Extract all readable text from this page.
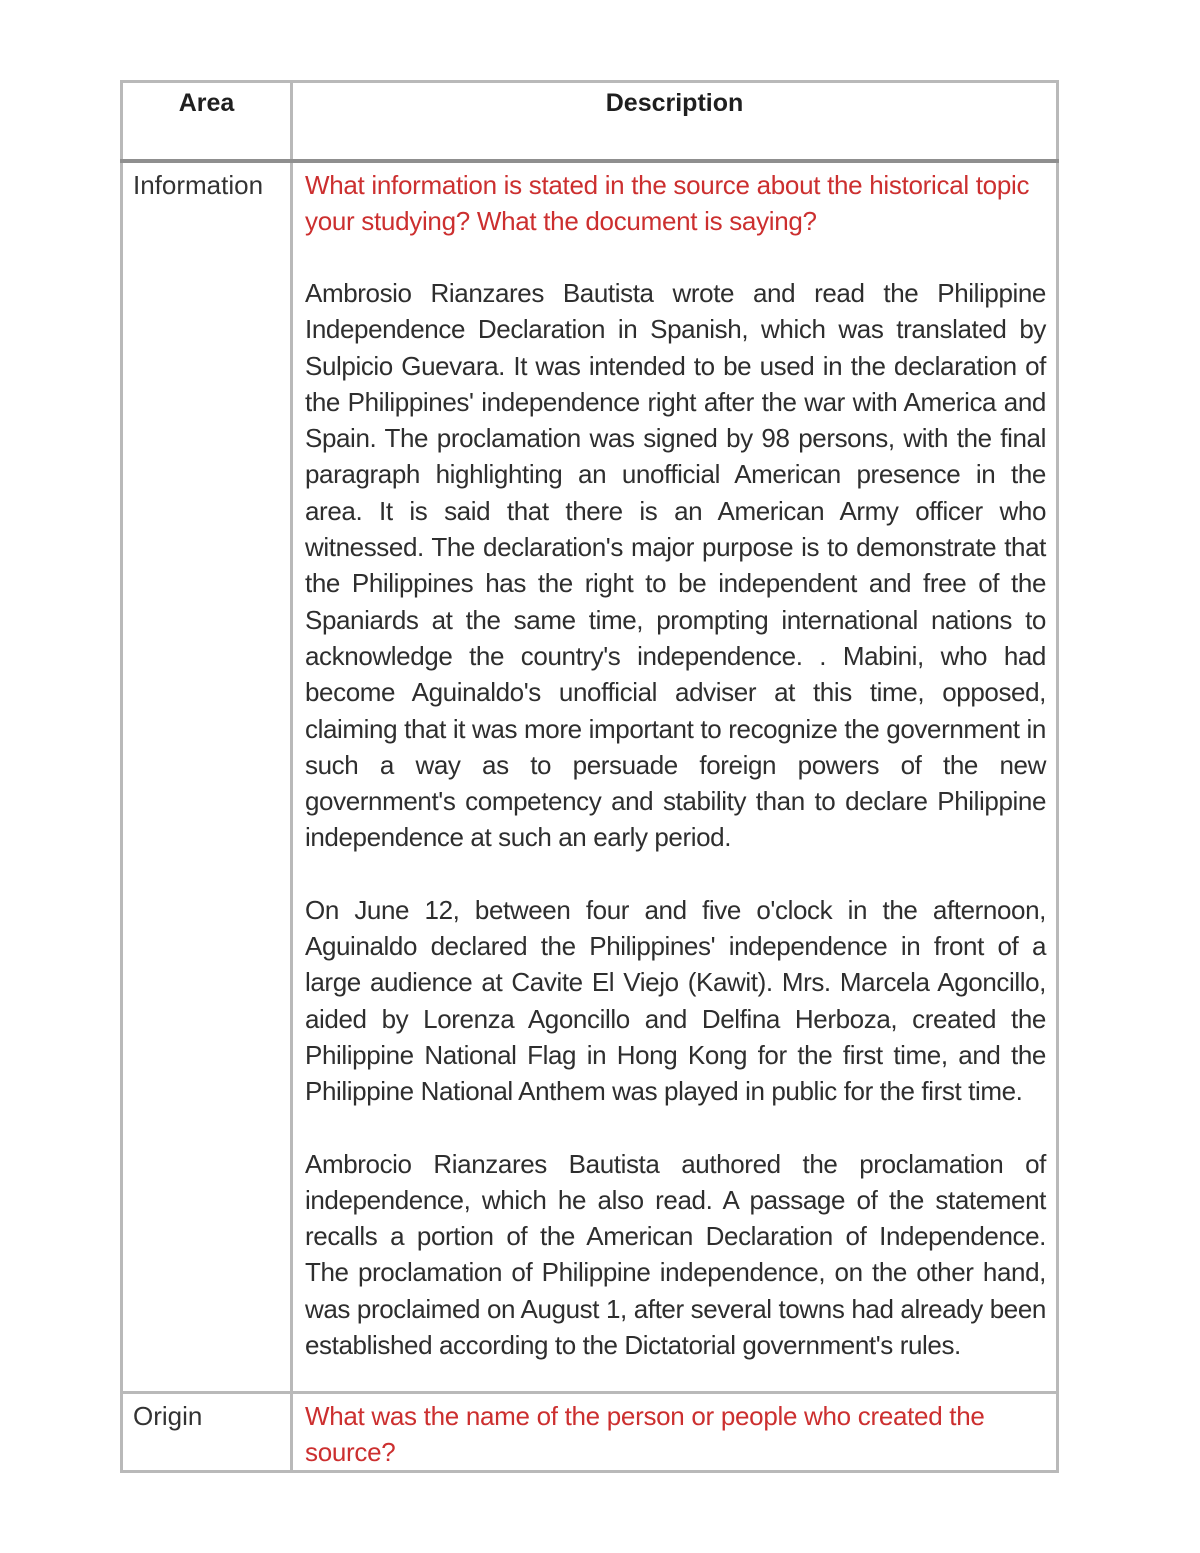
Area	Description
Information	What information is stated in the source about the historical topic your studying? What the document is saying?

Ambrosio Rianzares Bautista wrote and read the Philippine Independence Declaration in Spanish, which was translated by Sulpicio Guevara. It was intended to be used in the declaration of the Philippines' independence right after the war with America and Spain. The proclamation was signed by 98 persons, with the final paragraph highlighting an unofficial American presence in the area. It is said that there is an American Army officer who witnessed. The declaration's major purpose is to demonstrate that the Philippines has the right to be independent and free of the Spaniards at the same time, prompting international nations to acknowledge the country's independence. . Mabini, who had become Aguinaldo's unofficial adviser at this time, opposed, claiming that it was more important to recognize the government in such a way as to persuade foreign powers of the new government's competency and stability than to declare Philippine independence at such an early period.

On June 12, between four and five o'clock in the afternoon, Aguinaldo declared the Philippines' independence in front of a large audience at Cavite El Viejo (Kawit). Mrs. Marcela Agoncillo, aided by Lorenza Agoncillo and Delfina Herboza, created the Philippine National Flag in Hong Kong for the first time, and the Philippine National Anthem was played in public for the first time.

Ambrocio Rianzares Bautista authored the proclamation of independence, which he also read. A passage of the statement recalls a portion of the American Declaration of Independence. The proclamation of Philippine independence, on the other hand, was proclaimed on August 1, after several towns had already been established according to the Dictatorial government's rules.

Origin	What was the name of the person or people who created the source?
